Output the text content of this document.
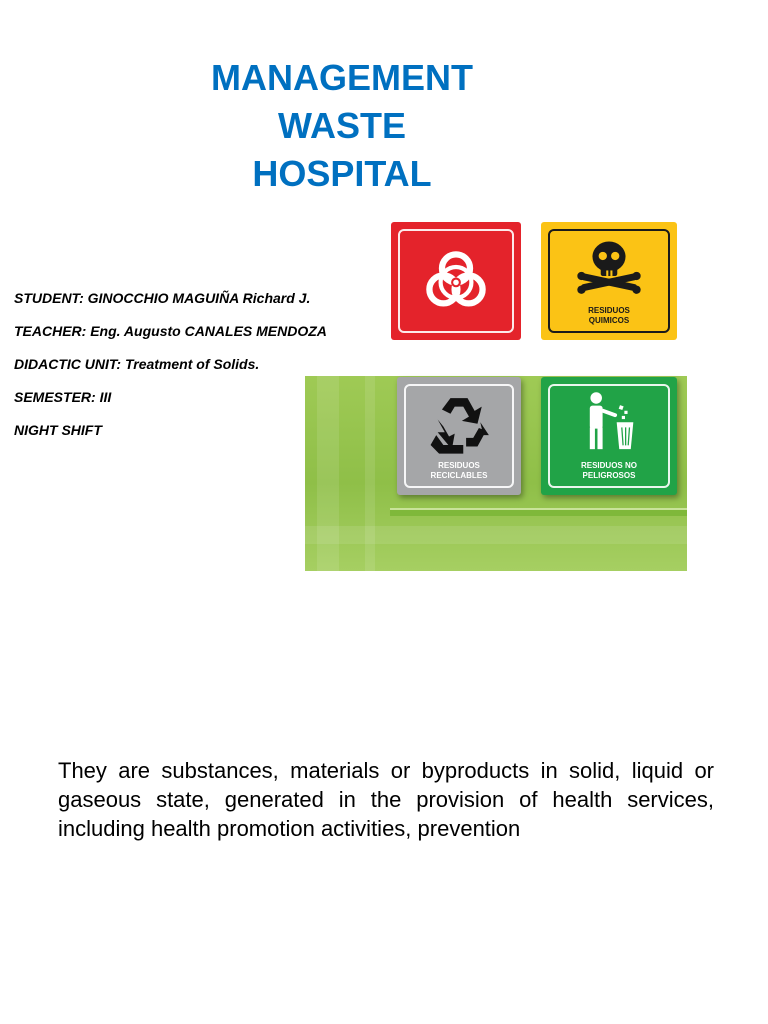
MANAGEMENT
WASTE
HOSPITAL
STUDENT: GINOCCHIO MAGUIÑA Richard J.
TEACHER: Eng. Augusto CANALES MENDOZA
DIDACTIC UNIT: Treatment of Solids.
SEMESTER: III
NIGHT SHIFT
RESIDUOS
QUIMICOS
RESIDUOS
RECICLABLES
RESIDUOS NO
PELIGROSOS

They are substances, materials or byproducts in solid, liquid or gaseous state, generated in the provision of health services, including health promotion activities, prevention
